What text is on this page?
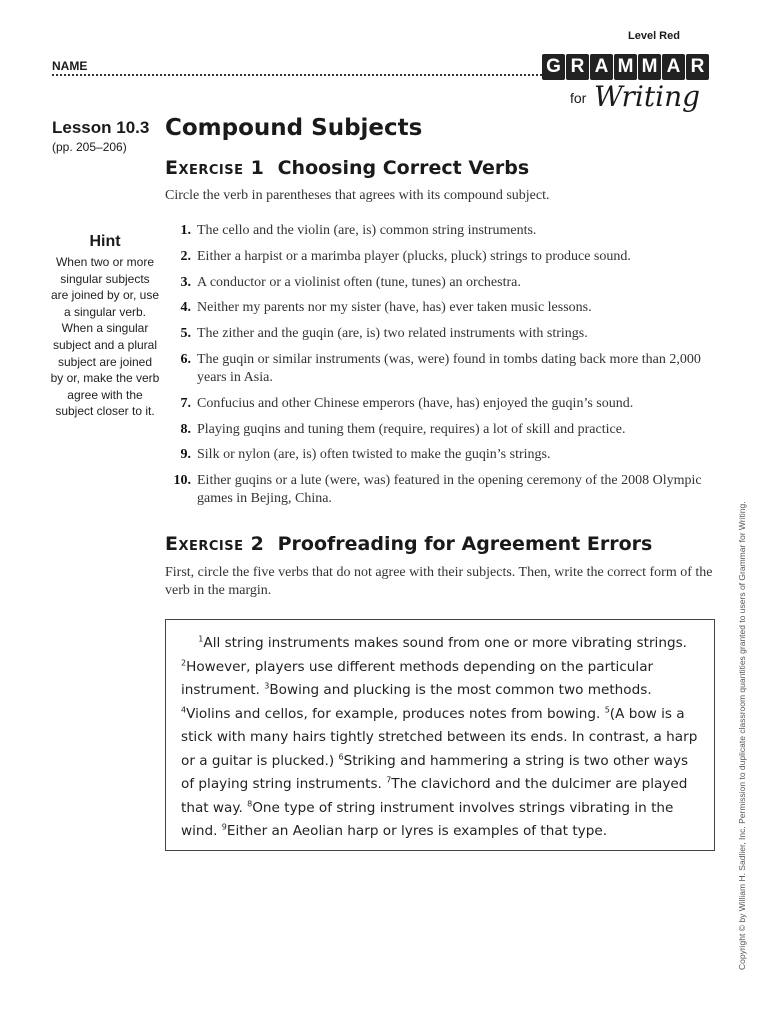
Level Red
NAME	G R A M M A R
for Writing
Lesson 10.3
(pp. 205–206)
Compound Subjects
Exercise 1 Choosing Correct Verbs
Circle the verb in parentheses that agrees with its compound subject.
Hint
When two or more singular subjects are joined by or, use a singular verb. When a singular subject and a plural subject are joined by or, make the verb agree with the subject closer to it.
1. The cello and the violin (are, is) common string instruments.
2. Either a harpist or a marimba player (plucks, pluck) strings to produce sound.
3. A conductor or a violinist often (tune, tunes) an orchestra.
4. Neither my parents nor my sister (have, has) ever taken music lessons.
5. The zither and the guqin (are, is) two related instruments with strings.
6. The guqin or similar instruments (was, were) found in tombs dating back more than 2,000 years in Asia.
7. Confucius and other Chinese emperors (have, has) enjoyed the guqin’s sound.
8. Playing guqins and tuning them (require, requires) a lot of skill and practice.
9. Silk or nylon (are, is) often twisted to make the guqin’s strings.
10. Either guqins or a lute (were, was) featured in the opening ceremony of the 2008 Olympic games in Bejing, China.
Exercise 2 Proofreading for Agreement Errors
First, circle the five verbs that do not agree with their subjects. Then, write the correct form of the verb in the margin.
$^1$All string instruments makes sound from one or more vibrating strings. $^2$However, players use different methods depending on the particular instrument. $^3$Bowing and plucking is the most common two methods. $^4$Violins and cellos, for example, produces notes from bowing. $^5$(A bow is a stick with many hairs tightly stretched between its ends. In contrast, a harp or a guitar is plucked.) $^6$Striking and hammering a string is two other ways of playing string instruments. $^7$The clavichord and the dulcimer are played that way. $^8$One type of string instrument involves strings vibrating in the wind. $^9$Either an Aeolian harp or lyres is examples of that type.	Copyright © by William H. Sadlier, Inc. Permission to duplicate classroom quantities granted to users of Grammar for Writing.
